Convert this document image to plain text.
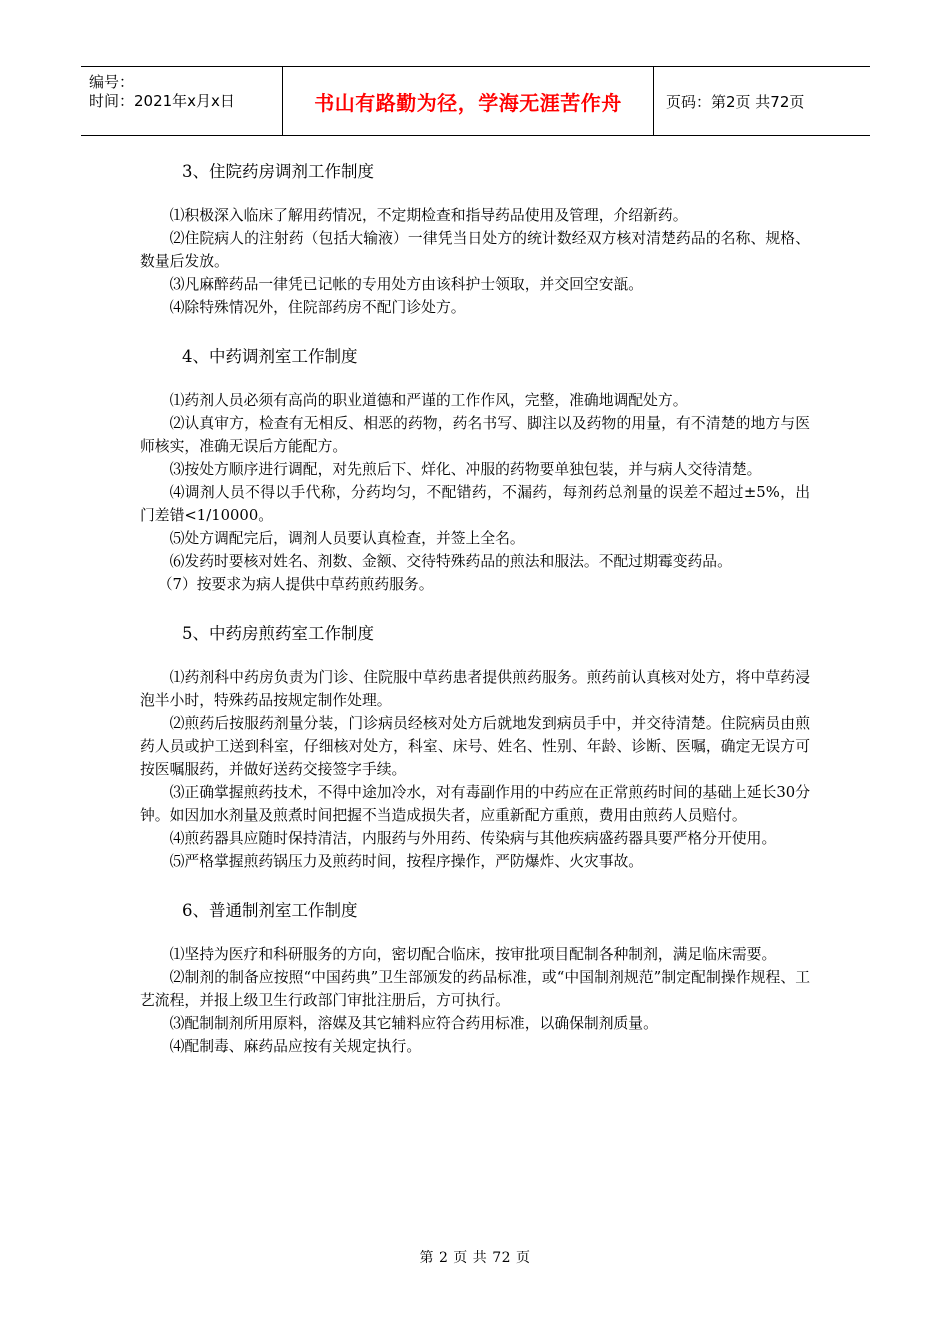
编号：
时间：2021年x月x日	书山有路勤为径，学海无涯苦作舟	页码：第2页 共72页
3、住院药房调剂工作制度

⑴积极深入临床了解用药情况，不定期检查和指导药品使用及管理，介绍新药。

⑵住院病人的注射药（包括大输液）一律凭当日处方的统计数经双方核对清楚药品的名称、规格、数量后发放。

⑶凡麻醉药品一律凭已记帐的专用处方由该科护士领取，并交回空安瓿。

⑷除特殊情况外，住院部药房不配门诊处方。

4、中药调剂室工作制度

⑴药剂人员必须有高尚的职业道德和严谨的工作作风，完整，准确地调配处方。

⑵认真审方，检查有无相反、相恶的药物，药名书写、脚注以及药物的用量，有不清楚的地方与医师核实，准确无误后方能配方。

⑶按处方顺序进行调配，对先煎后下、烊化、冲服的药物要单独包装，并与病人交待清楚。

⑷调剂人员不得以手代称，分药均匀，不配错药，不漏药，每剂药总剂量的误差不超过±5%，出门差错<1/10000。

⑸处方调配完后，调剂人员要认真检查，并签上全名。

⑹发药时要核对姓名、剂数、金额、交待特殊药品的煎法和服法。不配过期霉变药品。

（7）按要求为病人提供中草药煎药服务。

5、中药房煎药室工作制度

⑴药剂科中药房负责为门诊、住院服中草药患者提供煎药服务。煎药前认真核对处方，将中草药浸泡半小时，特殊药品按规定制作处理。

⑵煎药后按服药剂量分装，门诊病员经核对处方后就地发到病员手中，并交待清楚。住院病员由煎药人员或护工送到科室，仔细核对处方，科室、床号、姓名、性别、年龄、诊断、医嘱，确定无误方可按医嘱服药，并做好送药交接签字手续。

⑶正确掌握煎药技术，不得中途加冷水，对有毒副作用的中药应在正常煎药时间的基础上延长30分钟。如因加水剂量及煎煮时间把握不当造成损失者，应重新配方重煎，费用由煎药人员赔付。

⑷煎药器具应随时保持清洁，内服药与外用药、传染病与其他疾病盛药器具要严格分开使用。

⑸严格掌握煎药锅压力及煎药时间，按程序操作，严防爆炸、火灾事故。

6、普通制剂室工作制度

⑴坚持为医疗和科研服务的方向，密切配合临床，按审批项目配制各种制剂，满足临床需要。

⑵制剂的制备应按照“中国药典”卫生部颁发的药品标准，或“中国制剂规范”制定配制操作规程、工艺流程，并报上级卫生行政部门审批注册后，方可执行。

⑶配制制剂所用原料，溶媒及其它辅料应符合药用标准，以确保制剂质量。

⑷配制毒、麻药品应按有关规定执行。

第 2 页 共 72 页
